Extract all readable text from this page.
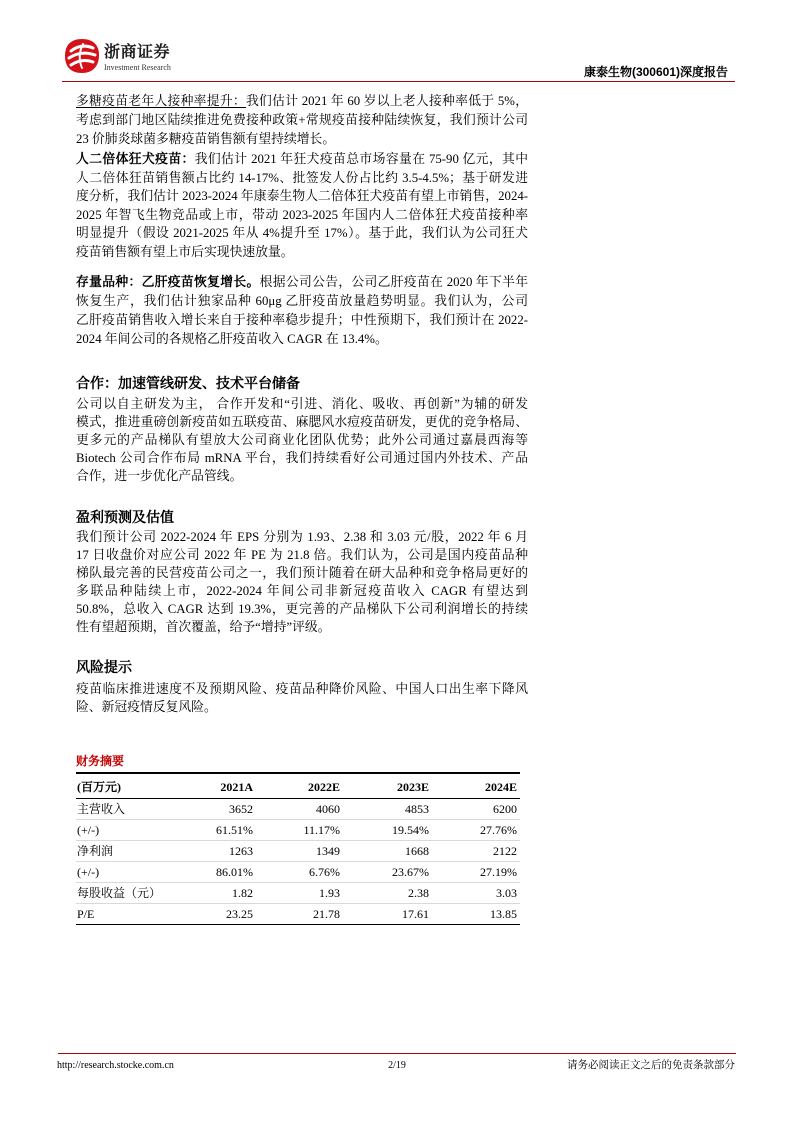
浙商证券
Investment Research	康泰生物(300601)深度报告
多糖疫苗老年人接种率提升：我们估计 2021 年 60 岁以上老人接种率低于 5%，
考虑到部门地区陆续推进免费接种政策+常规疫苗接种陆续恢复，我们预计公司
23 价肺炎球菌多糖疫苗销售额有望持续增长。
人二倍体狂犬疫苗：我们估计 2021 年狂犬疫苗总市场容量在 75-90 亿元，其中
人二倍体狂苗销售额占比约 14-17%、批签发人份占比约 3.5-4.5%；基于研发进
度分析，我们估计 2023-2024 年康泰生物人二倍体狂犬疫苗有望上市销售，2024-
2025 年智飞生物竞品或上市，带动 2023-2025 年国内人二倍体狂犬疫苗接种率
明显提升（假设 2021-2025 年从 4%提升至 17%）。基于此，我们认为公司狂犬
疫苗销售额有望上市后实现快速放量。
存量品种：乙肝疫苗恢复增长。根据公司公告，公司乙肝疫苗在 2020 年下半年
恢复生产，我们估计独家品种 60μg 乙肝疫苗放量趋势明显。我们认为，公司
乙肝疫苗销售收入增长来自于接种率稳步提升；中性预期下，我们预计在 2022-
2024 年间公司的各规格乙肝疫苗收入 CAGR 在 13.4%。
合作：加速管线研发、技术平台储备
公司以自主研发为主， 合作开发和“引进、消化、吸收、再创新”为辅的研发
模式，推进重磅创新疫苗如五联疫苗、麻腮风水痘疫苗研发，更优的竞争格局、
更多元的产品梯队有望放大公司商业化团队优势；此外公司通过嘉晨西海等
Biotech 公司合作布局 mRNA 平台，我们持续看好公司通过国内外技术、产品
合作，进一步优化产品管线。
盈利预测及估值
我们预计公司 2022-2024 年 EPS 分别为 1.93、2.38 和 3.03 元/股，2022 年 6 月
17 日收盘价对应公司 2022 年 PE 为 21.8 倍。我们认为，公司是国内疫苗品种
梯队最完善的民营疫苗公司之一，我们预计随着在研大品种和竞争格局更好的
多联品种陆续上市，2022-2024 年间公司非新冠疫苗收入 CAGR 有望达到
50.8%，总收入 CAGR 达到 19.3%，更完善的产品梯队下公司利润增长的持续
性有望超预期，首次覆盖，给予“增持”评级。
风险提示
疫苗临床推进速度不及预期风险、疫苗品种降价风险、中国人口出生率下降风
险、新冠疫情反复风险。
财务摘要
(百万元)	2021A	2022E	2023E	2024E
主营收入	3652	4060	4853	6200
(+/-)	61.51%	11.17%	19.54%	27.76%
净利润	1263	1349	1668	2122
(+/-)	86.01%	6.76%	23.67%	27.19%
每股收益（元）	1.82	1.93	2.38	3.03
P/E	23.25	21.78	17.61	13.85
http://research.stocke.com.cn	2/19	请务必阅读正文之后的免责条款部分
